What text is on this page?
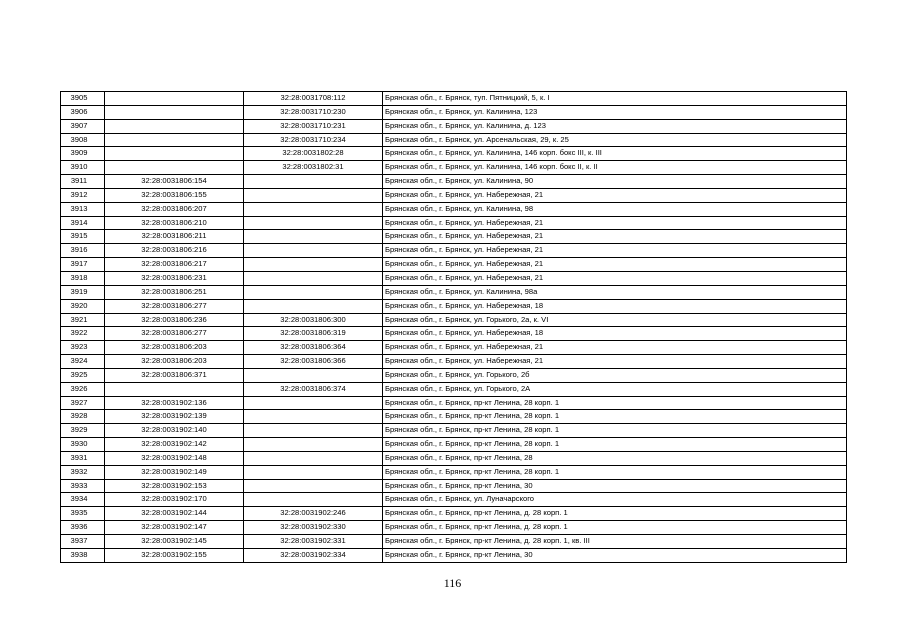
3905		32:28:0031708:112	Брянская обл., г. Брянск, туп. Пятницкий, 5, к. I
3906		32:28:0031710:230	Брянская обл., г. Брянск, ул. Калинина, 123
3907		32:28:0031710:231	Брянская обл., г. Брянск, ул. Калинина, д. 123
3908		32:28:0031710:234	Брянская обл., г. Брянск, ул. Арсенальская, 29, к. 25
3909		32:28:0031802:28	Брянская обл., г. Брянск, ул. Калинина, 146 корп. бокс III, к. III
3910		32:28:0031802:31	Брянская обл., г. Брянск, ул. Калинина, 146 корп. бокс II, к. II
3911	32:28:0031806:154		Брянская обл., г. Брянск, ул. Калинина, 90
3912	32:28:0031806:155		Брянская обл., г. Брянск, ул. Набережная, 21
3913	32:28:0031806:207		Брянская обл., г. Брянск, ул. Калинина, 98
3914	32:28:0031806:210		Брянская обл., г. Брянск, ул. Набережная, 21
3915	32:28:0031806:211		Брянская обл., г. Брянск, ул. Набережная, 21
3916	32:28:0031806:216		Брянская обл., г. Брянск, ул. Набережная, 21
3917	32:28:0031806:217		Брянская обл., г. Брянск, ул. Набережная, 21
3918	32:28:0031806:231		Брянская обл., г. Брянск, ул. Набережная, 21
3919	32:28:0031806:251		Брянская обл., г. Брянск, ул. Калинина, 98а
3920	32:28:0031806:277		Брянская обл., г. Брянск, ул. Набережная, 18
3921	32:28:0031806:236	32:28:0031806:300	Брянская обл., г. Брянск, ул. Горького, 2а, к. VI
3922	32:28:0031806:277	32:28:0031806:319	Брянская обл., г. Брянск, ул. Набережная, 18
3923	32:28:0031806:203	32:28:0031806:364	Брянская обл., г. Брянск, ул. Набережная, 21
3924	32:28:0031806:203	32:28:0031806:366	Брянская обл., г. Брянск, ул. Набережная, 21
3925	32:28:0031806:371		Брянская обл., г. Брянск, ул. Горького, 2б
3926		32:28:0031806:374	Брянская обл., г. Брянск, ул. Горького, 2А
3927	32:28:0031902:136		Брянская обл., г. Брянск, пр-кт Ленина, 28 корп. 1
3928	32:28:0031902:139		Брянская обл., г. Брянск, пр-кт Ленина, 28 корп. 1
3929	32:28:0031902:140		Брянская обл., г. Брянск, пр-кт Ленина, 28 корп. 1
3930	32:28:0031902:142		Брянская обл., г. Брянск, пр-кт Ленина, 28 корп. 1
3931	32:28:0031902:148		Брянская обл., г. Брянск, пр-кт Ленина, 28
3932	32:28:0031902:149		Брянская обл., г. Брянск, пр-кт Ленина, 28 корп. 1
3933	32:28:0031902:153		Брянская обл., г. Брянск, пр-кт Ленина, 30
3934	32:28:0031902:170		Брянская обл., г. Брянск, ул. Луначарского
3935	32:28:0031902:144	32:28:0031902:246	Брянская обл., г. Брянск, пр-кт Ленина, д. 28 корп. 1
3936	32:28:0031902:147	32:28:0031902:330	Брянская обл., г. Брянск, пр-кт Ленина, д. 28 корп. 1
3937	32:28:0031902:145	32:28:0031902:331	Брянская обл., г. Брянск, пр-кт Ленина, д. 28 корп. 1, кв. III
3938	32:28:0031902:155	32:28:0031902:334	Брянская обл., г. Брянск, пр-кт Ленина, 30
116
